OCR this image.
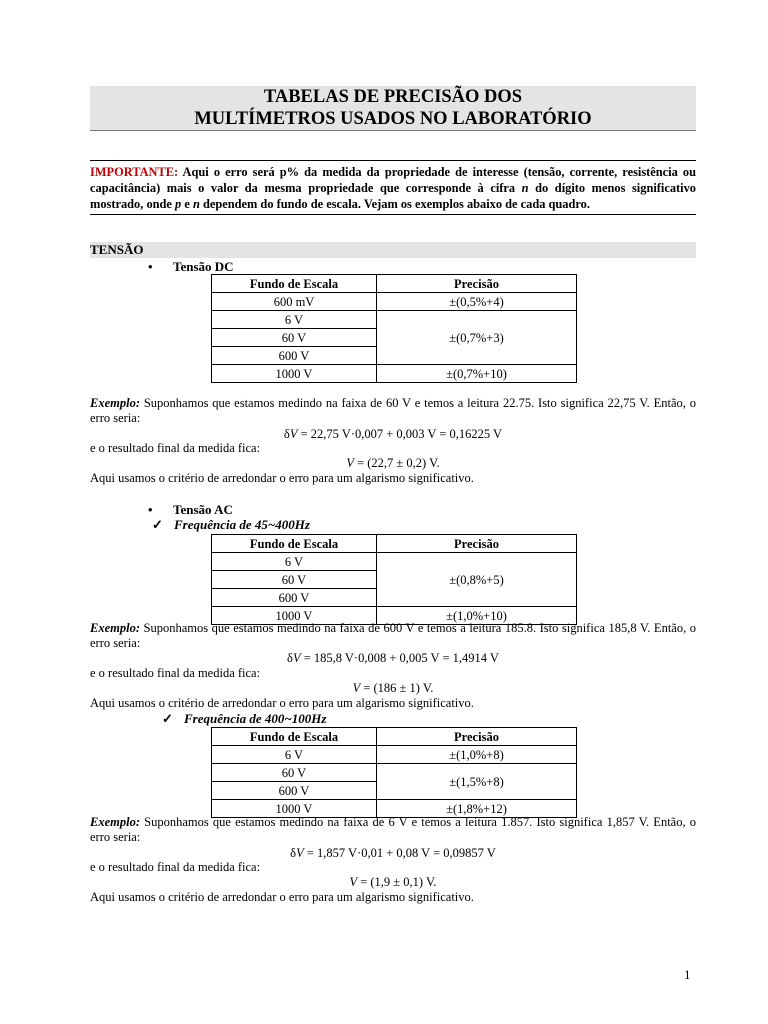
TABELAS DE PRECISÃO DOS
MULTÍMETROS USADOS NO LABORATÓRIO
IMPORTANTE: Aqui o erro será p% da medida da propriedade de interesse (tensão, corrente, resistência ou capacitância) mais o valor da mesma propriedade que corresponde à cifra n do dígito menos significativo mostrado, onde p e n dependem do fundo de escala. Vejam os exemplos abaixo de cada quadro.
TENSÃO
• Tensão DC
Fundo de Escala	Precisão
600 mV	±(0,5%+4)
6 V	±(0,7%+3)
60 V	
600 V	
1000 V	±(0,7%+10)
Exemplo: Suponhamos que estamos medindo na faixa de 60 V e temos a leitura 22.75. Isto significa 22,75 V. Então, o erro seria:
δV = 22,75 V·0,007 + 0,003 V = 0,16225 V
e o resultado final da medida fica:
V = (22,7 ± 0,2) V.
Aqui usamos o critério de arredondar o erro para um algarismo significativo.
• Tensão AC
✓ Frequência de 45~400Hz
Fundo de Escala	Precisão
6 V	±(0,8%+5)
60 V	
600 V	
1000 V	±(1,0%+10)
Exemplo: Suponhamos que estamos medindo na faixa de 600 V e temos a leitura 185.8. Isto significa 185,8 V. Então, o erro seria:
δV = 185,8 V·0,008 + 0,005 V = 1,4914 V
e o resultado final da medida fica:
V = (186 ± 1) V.
Aqui usamos o critério de arredondar o erro para um algarismo significativo.
✓ Frequência de 400~100Hz
Fundo de Escala	Precisão
6 V	±(1,0%+8)
60 V	±(1,5%+8)
600 V	
1000 V	±(1,8%+12)
Exemplo: Suponhamos que estamos medindo na faixa de 6 V e temos a leitura 1.857. Isto significa 1,857 V. Então, o erro seria:
δV = 1,857 V·0,01 + 0,08 V = 0,09857 V
e o resultado final da medida fica:
V = (1,9 ± 0,1) V.
Aqui usamos o critério de arredondar o erro para um algarismo significativo.
1
